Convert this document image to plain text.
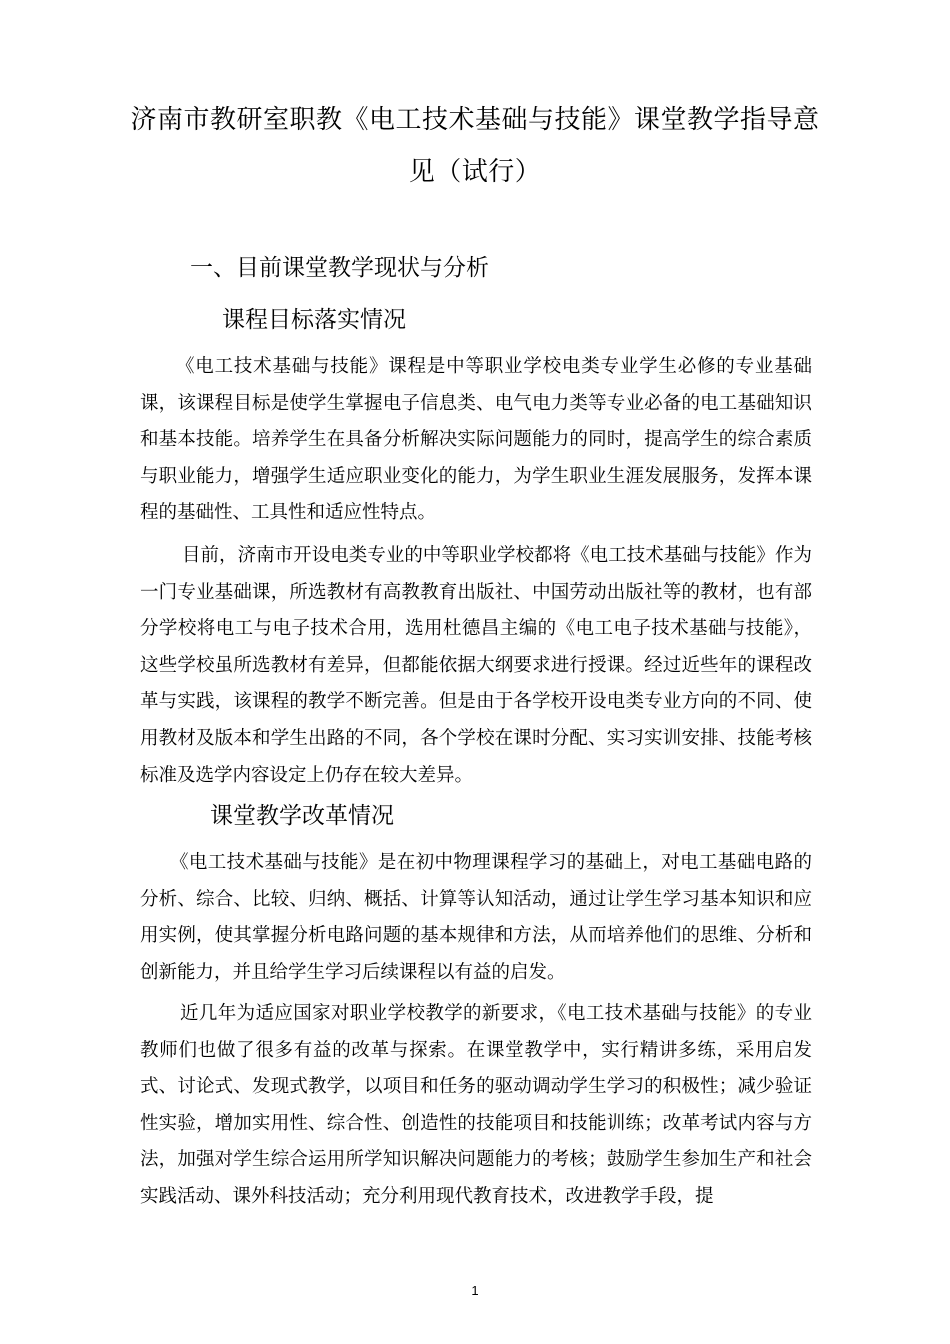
济南市教研室职教《电工技术基础与技能》课堂教学指导意
见（试行）
一、目前课堂教学现状与分析
课程目标落实情况

《电工技术基础与技能》课程是中等职业学校电类专业学生必修的专业基础课，该课程目标是使学生掌握电子信息类、电气电力类等专业必备的电工基础知识和基本技能。培养学生在具备分析解决实际问题能力的同时，提高学生的综合素质与职业能力，增强学生适应职业变化的能力，为学生职业生涯发展服务，发挥本课程的基础性、工具性和适应性特点。

目前，济南市开设电类专业的中等职业学校都将《电工技术基础与技能》作为一门专业基础课，所选教材有高教教育出版社、中国劳动出版社等的教材，也有部分学校将电工与电子技术合用，选用杜德昌主编的《电工电子技术基础与技能》，这些学校虽所选教材有差异，但都能依据大纲要求进行授课。经过近些年的课程改革与实践，该课程的教学不断完善。但是由于各学校开设电类专业方向的不同、使用教材及版本和学生出路的不同，各个学校在课时分配、实习实训安排、技能考核标准及选学内容设定上仍存在较大差异。

课堂教学改革情况

《电工技术基础与技能》是在初中物理课程学习的基础上，对电工基础电路的分析、综合、比较、归纳、概括、计算等认知活动，通过让学生学习基本知识和应用实例，使其掌握分析电路问题的基本规律和方法，从而培养他们的思维、分析和创新能力，并且给学生学习后续课程以有益的启发。

近几年为适应国家对职业学校教学的新要求，《电工技术基础与技能》的专业教师们也做了很多有益的改革与探索。在课堂教学中，实行精讲多练，采用启发式、讨论式、发现式教学，以项目和任务的驱动调动学生学习的积极性；减少验证性实验，增加实用性、综合性、创造性的技能项目和技能训练；改革考试内容与方法，加强对学生综合运用所学知识解决问题能力的考核；鼓励学生参加生产和社会实践活动、课外科技活动；充分利用现代教育技术，改进教学手段，提

1
